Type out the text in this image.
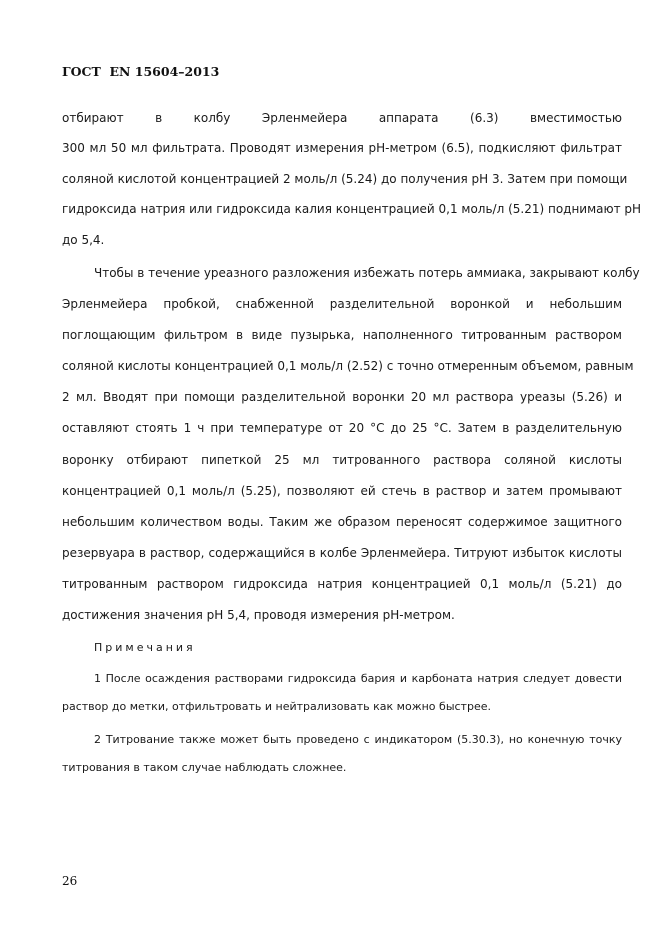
ГОСТ  EN 15604–2013
отбирают в колбу Эрленмейера аппарата (6.3) вместимостью
300 мл 50 мл фильтрата. Проводят измерения pH-метром (6.5), подкисляют фильтрат
соляной кислотой концентрацией 2 моль/л (5.24) до получения pH 3. Затем при помощи
гидроксида натрия или гидроксида калия концентрацией 0,1 моль/л (5.21) поднимают pH
до 5,4.
Чтобы в течение уреазного разложения избежать потерь аммиака, закрывают колбу
Эрленмейера пробкой, снабженной разделительной воронкой и небольшим
поглощающим фильтром в виде пузырька, наполненного титрованным раствором
соляной кислоты концентрацией 0,1 моль/л (2.52) с точно отмеренным объемом, равным
2 мл. Вводят при помощи разделительной воронки 20 мл раствора уреазы (5.26) и
оставляют стоять 1 ч при температуре от 20 °С до 25 °С. Затем в разделительную
воронку отбирают пипеткой 25 мл титрованного раствора соляной кислоты
концентрацией 0,1 моль/л (5.25), позволяют ей стечь в раствор и затем промывают
небольшим количеством воды. Таким же образом переносят содержимое защитного
резервуара в раствор, содержащийся в колбе Эрленмейера. Титруют избыток кислоты
титрованным раствором гидроксида натрия концентрацией 0,1 моль/л (5.21) до
достижения значения pH 5,4, проводя измерения pH-метром.
Примечания
1 После осаждения растворами гидроксида бария и карбоната натрия следует довести
раствор до метки, отфильтровать и нейтрализовать как можно быстрее.
2 Титрование также может быть проведено с индикатором (5.30.3), но конечную точку
титрования в таком случае наблюдать сложнее.
26
